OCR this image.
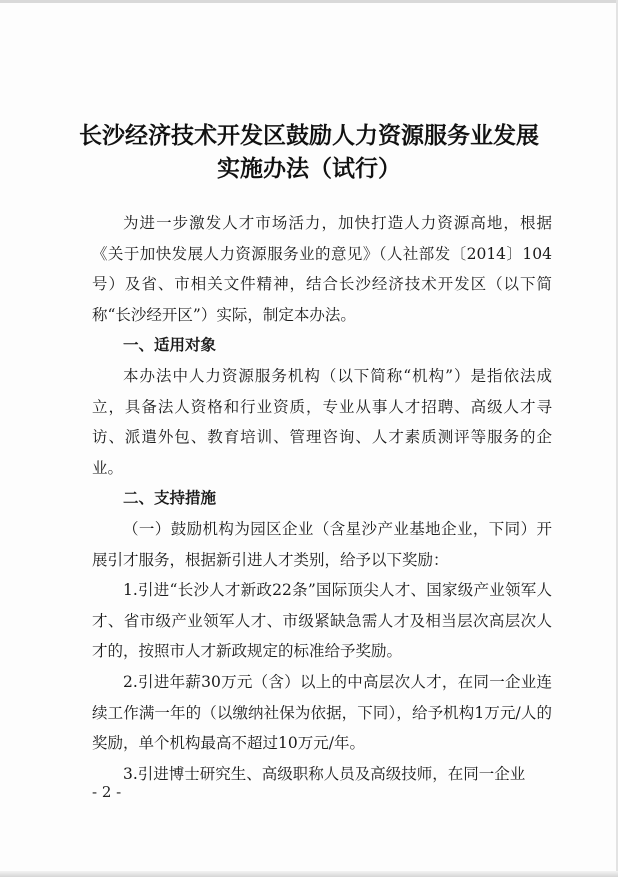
长沙经济技术开发区鼓励人力资源服务业发展
实施办法（试行）

为进一步激发人才市场活力，加快打造人力资源高地，根据《关于加快发展人力资源服务业的意见》（人社部发〔2014〕104号）及省、市相关文件精神，结合长沙经济技术开发区（以下简称“长沙经开区”）实际，制定本办法。

一、适用对象

本办法中人力资源服务机构（以下简称“机构”）是指依法成立，具备法人资格和行业资质，专业从事人才招聘、高级人才寻访、派遣外包、教育培训、管理咨询、人才素质测评等服务的企业。

二、支持措施

（一）鼓励机构为园区企业（含星沙产业基地企业，下同）开展引才服务，根据新引进人才类别，给予以下奖励：

1.引进“长沙人才新政22条”国际顶尖人才、国家级产业领军人才、省市级产业领军人才、市级紧缺急需人才及相当层次高层次人才的，按照市人才新政规定的标准给予奖励。

2.引进年薪30万元（含）以上的中高层次人才，在同一企业连续工作满一年的（以缴纳社保为依据，下同），给予机构1万元/人的奖励，单个机构最高不超过10万元/年。

3.引进博士研究生、高级职称人员及高级技师，在同一企业

- 2 -
